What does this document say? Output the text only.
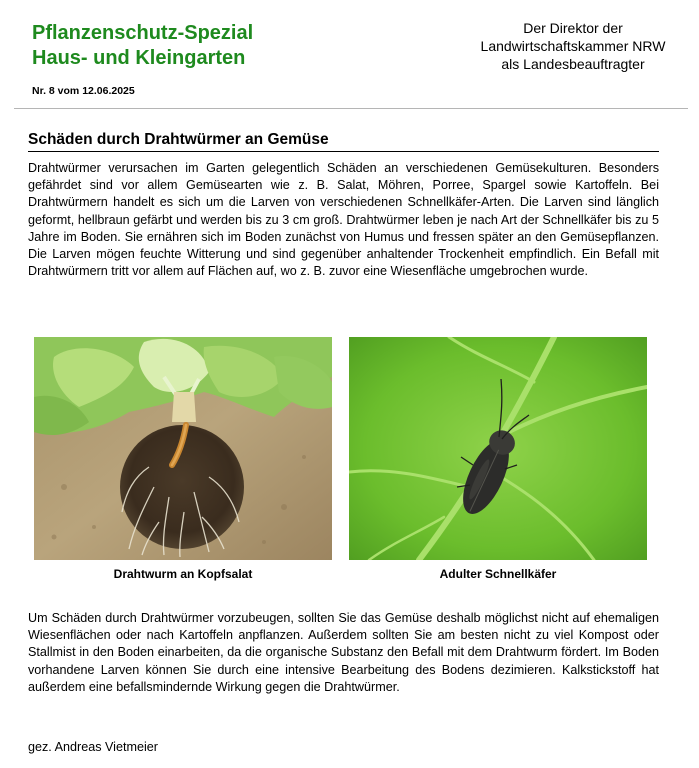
Pflanzenschutz-Spezial
Haus- und Kleingarten
Der Direktor der
Landwirtschaftskammer NRW
als Landesbeauftragter
Nr. 8 vom 12.06.2025
Schäden durch Drahtwürmer an Gemüse

Drahtwürmer verursachen im Garten gelegentlich Schäden an verschiedenen Gemüsekulturen. Besonders gefährdet sind vor allem Gemüsearten wie z. B. Salat, Möhren, Porree, Spargel sowie Kartoffeln. Bei Drahtwürmern handelt es sich um die Larven von verschiedenen Schnellkäfer-Arten. Die Larven sind länglich geformt, hellbraun gefärbt und werden bis zu 3 cm groß. Drahtwürmer leben je nach Art der Schnellkäfer bis zu 5 Jahre im Boden. Sie ernähren sich im Boden zunächst von Humus und fressen später an den Gemüsepflanzen. Die Larven mögen feuchte Witterung und sind gegenüber anhaltender Trockenheit empfindlich. Ein Befall mit Drahtwürmern tritt vor allem auf Flächen auf, wo z. B. zuvor eine Wiesenfläche umgebrochen wurde.

Drahtwurm an Kopfsalat	Adulter Schnellkäfer

Um Schäden durch Drahtwürmer vorzubeugen, sollten Sie das Gemüse deshalb möglichst nicht auf ehemaligen Wiesenflächen oder nach Kartoffeln anpflanzen. Außerdem sollten Sie am besten nicht zu viel Kompost oder Stallmist in den Boden einarbeiten, da die organische Substanz den Befall mit dem Drahtwurm fördert. Im Boden vorhandene Larven können Sie durch eine intensive Bearbeitung des Bodens dezimieren. Kalkstickstoff hat außerdem eine befallsmindernde Wirkung gegen die Drahtwürmer.

gez. Andreas Vietmeier
